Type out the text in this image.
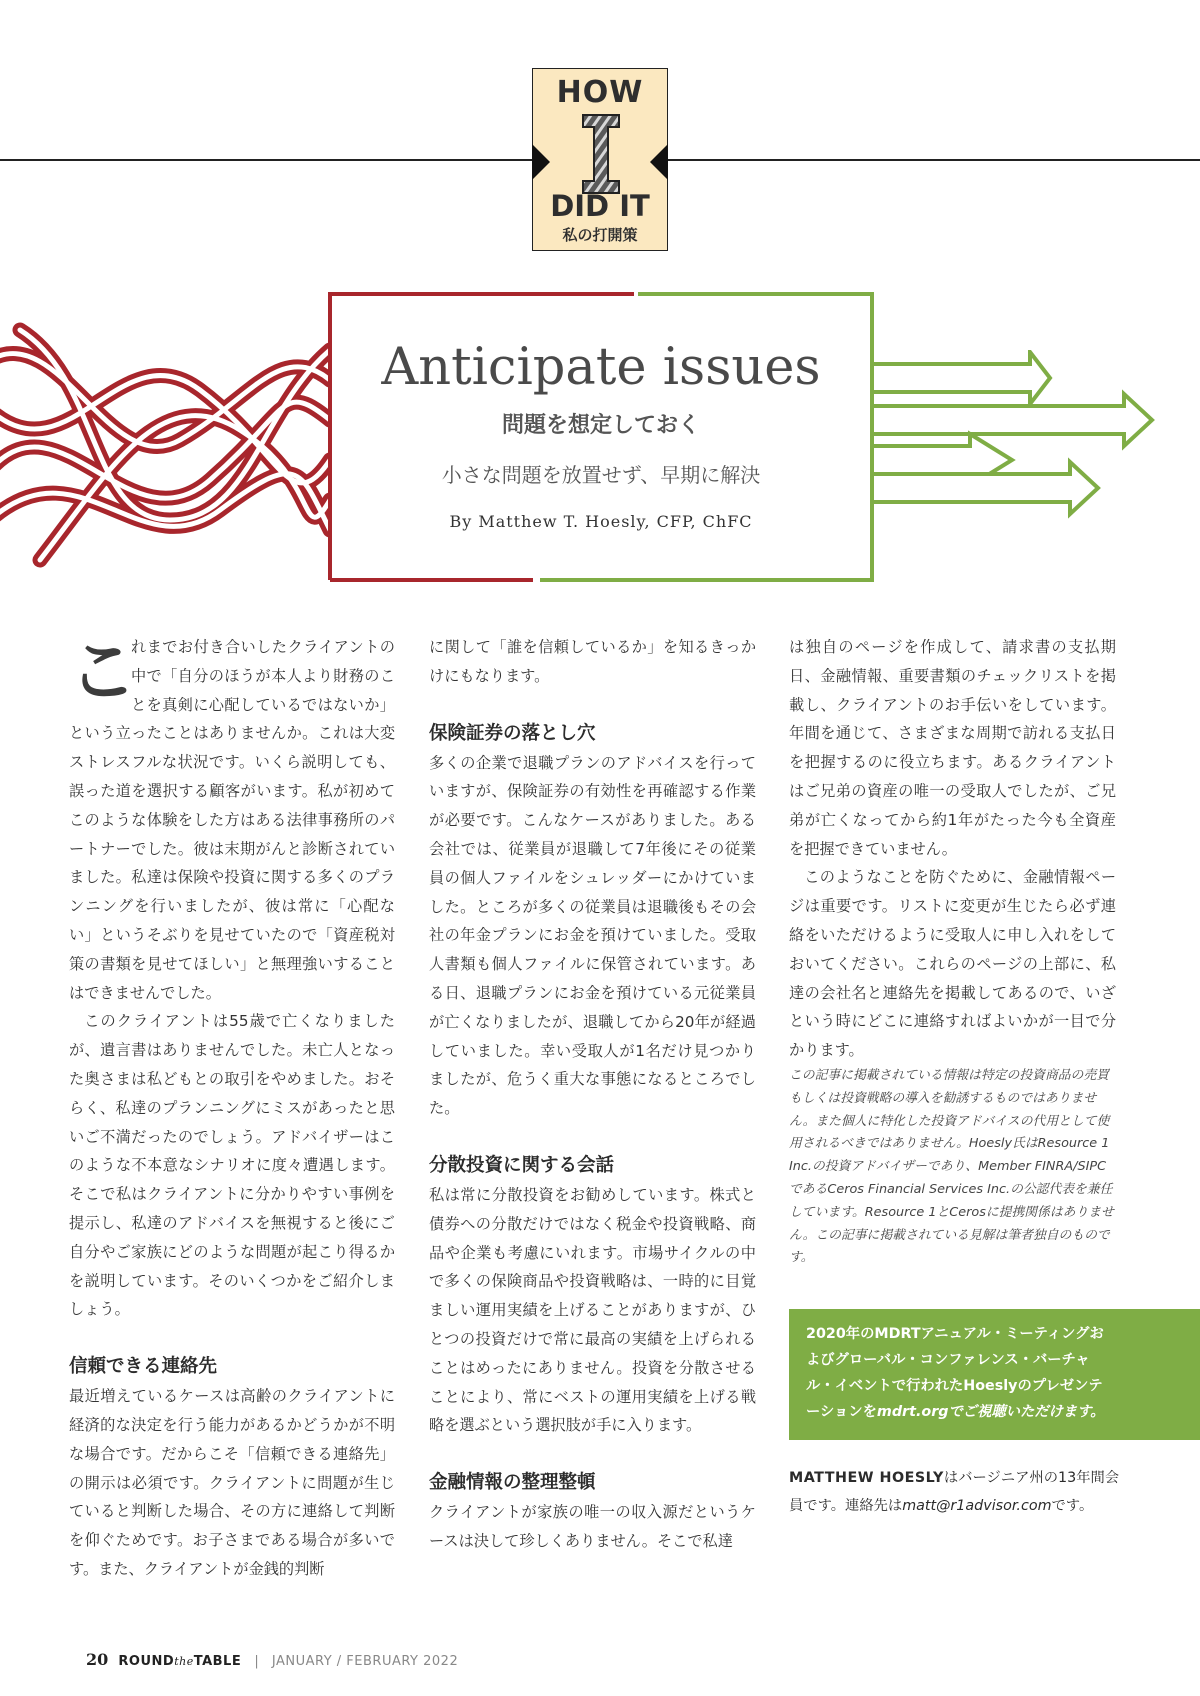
HOW
DID IT
私の打開策
Anticipate issues
問題を想定しておく
小さな問題を放置せず、早期に解決
By Matthew T. Hoesly, CFP, ChFC
こ

れまでお付き合いしたクライアントの中で「自分のほうが本人より財務のことを真剣に心配しているではないか」という立ったことはありませんか。これは大変ストレスフルな状況です。いくら説明しても、誤った道を選択する顧客がいます。私が初めてこのような体験をした方はある法律事務所のパートナーでした。彼は末期がんと診断されていました。私達は保険や投資に関する多くのプランニングを行いましたが、彼は常に「心配ない」というそぶりを見せていたので「資産税対策の書類を見せてほしい」と無理強いすることはできませんでした。

このクライアントは55歳で亡くなりましたが、遺言書はありませんでした。未亡人となった奥さまは私どもとの取引をやめました。おそらく、私達のプランニングにミスがあったと思いご不満だったのでしょう。アドバイザーはこのような不本意なシナリオに度々遭遇します。そこで私はクライアントに分かりやすい事例を提示し、私達のアドバイスを無視すると後にご自分やご家族にどのような問題が起こり得るかを説明しています。そのいくつかをご紹介しましょう。

信頼できる連絡先

最近増えているケースは高齢のクライアントに経済的な決定を行う能力があるかどうかが不明な場合です。だからこそ「信頼できる連絡先」の開示は必須です。クライアントに問題が生じていると判断した場合、その方に連絡して判断を仰ぐためです。お子さまである場合が多いです。また、クライアントが金銭的判断

に関して「誰を信頼しているか」を知るきっかけにもなります。

保険証券の落とし穴

多くの企業で退職プランのアドバイスを行っていますが、保険証券の有効性を再確認する作業が必要です。こんなケースがありました。ある会社では、従業員が退職して7年後にその従業員の個人ファイルをシュレッダーにかけていました。ところが多くの従業員は退職後もその会社の年金プランにお金を預けていました。受取人書類も個人ファイルに保管されています。ある日、退職プランにお金を預けている元従業員が亡くなりましたが、退職してから20年が経過していました。幸い受取人が1名だけ見つかりましたが、危うく重大な事態になるところでした。

分散投資に関する会話

私は常に分散投資をお勧めしています。株式と債券への分散だけではなく税金や投資戦略、商品や企業も考慮にいれます。市場サイクルの中で多くの保険商品や投資戦略は、一時的に目覚ましい運用実績を上げることがありますが、ひとつの投資だけで常に最高の実績を上げられることはめったにありません。投資を分散させることにより、常にベストの運用実績を上げる戦略を選ぶという選択肢が手に入ります。

金融情報の整理整頓

クライアントが家族の唯一の収入源だというケースは決して珍しくありません。そこで私達

は独自のページを作成して、請求書の支払期日、金融情報、重要書類のチェックリストを掲載し、クライアントのお手伝いをしています。年間を通じて、さまざまな周期で訪れる支払日を把握するのに役立ちます。あるクライアントはご兄弟の資産の唯一の受取人でしたが、ご兄弟が亡くなってから約1年がたった今も全資産を把握できていません。

このようなことを防ぐために、金融情報ページは重要です。リストに変更が生じたら必ず連絡をいただけるように受取人に申し入れをしておいてください。これらのページの上部に、私達の会社名と連絡先を掲載してあるので、いざという時にどこに連絡すればよいかが一目で分かります。

この記事に掲載されている情報は特定の投資商品の売買もしくは投資戦略の導入を勧誘するものではありません。また個人に特化した投資アドバイスの代用として使用されるべきではありません。Hoesly氏はResource 1 Inc.の投資アドバイザーであり、Member FINRA/SIPCであるCeros Financial Services Inc.の公認代表を兼任しています。Resource 1とCerosに提携関係はありません。この記事に掲載されている見解は筆者独自のものです。

2020年のMDRTアニュアル・ミーティングおよびグローバル・コンファレンス・バーチャル・イベントで行われたHoeslyのプレゼンテーションをmdrt.orgでご視聴いただけます。
MATTHEW HOESLYはバージニア州の13年間会員です。連絡先はmatt@r1advisor.comです。
20 ROUNDtheTABLE | JANUARY / FEBRUARY 2022
